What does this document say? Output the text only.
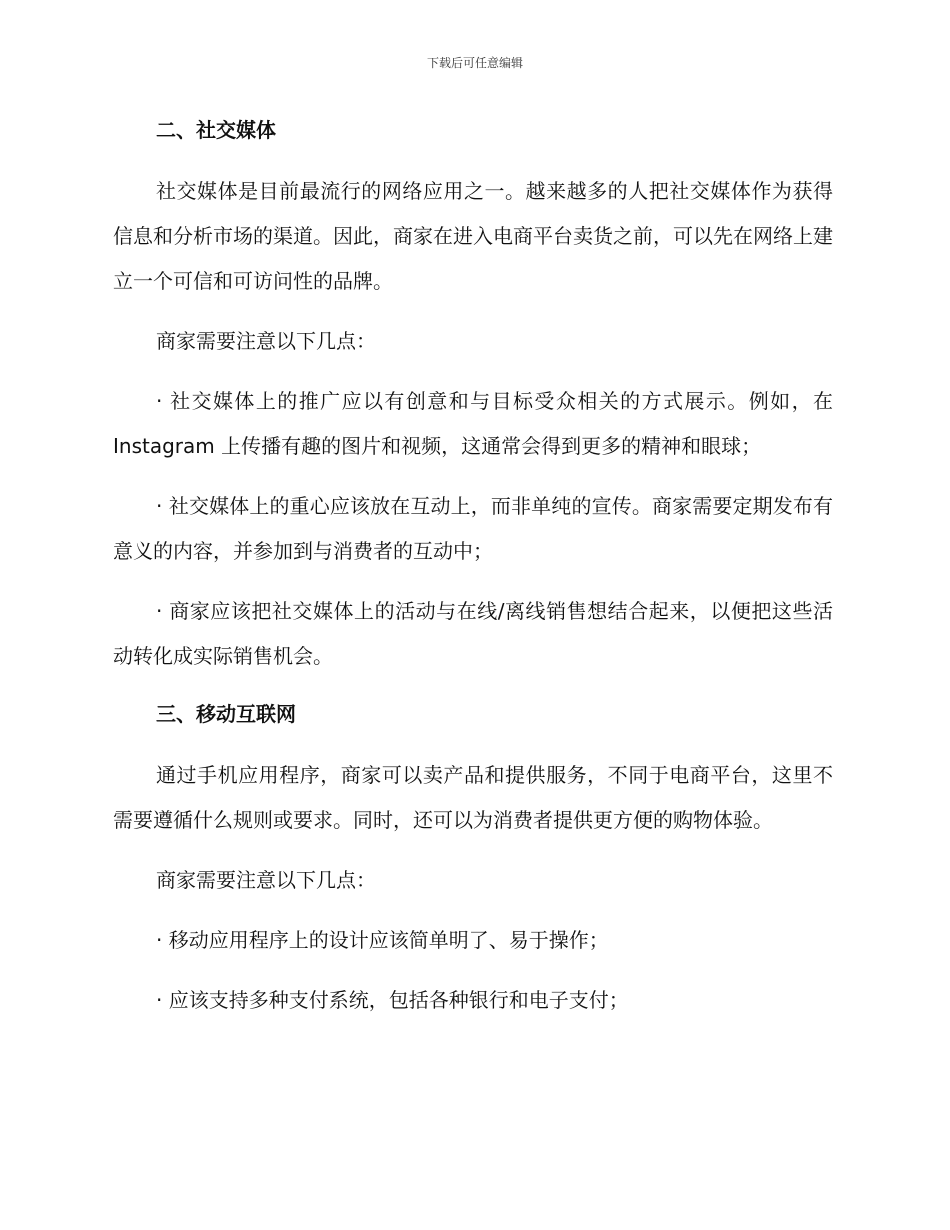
下载后可任意编辑
二、社交媒体

社交媒体是目前最流行的网络应用之一。越来越多的人把社交媒体作为获得信息和分析市场的渠道。因此，商家在进入电商平台卖货之前，可以先在网络上建立一个可信和可访问性的品牌。

商家需要注意以下几点：

· 社交媒体上的推广应以有创意和与目标受众相关的方式展示。例如，在 Instagram 上传播有趣的图片和视频，这通常会得到更多的精神和眼球；

· 社交媒体上的重心应该放在互动上，而非单纯的宣传。商家需要定期发布有意义的内容，并参加到与消费者的互动中；

· 商家应该把社交媒体上的活动与在线/离线销售想结合起来，以便把这些活动转化成实际销售机会。

三、移动互联网

通过手机应用程序，商家可以卖产品和提供服务，不同于电商平台，这里不需要遵循什么规则或要求。同时，还可以为消费者提供更方便的购物体验。

商家需要注意以下几点：

· 移动应用程序上的设计应该简单明了、易于操作；

· 应该支持多种支付系统，包括各种银行和电子支付；
